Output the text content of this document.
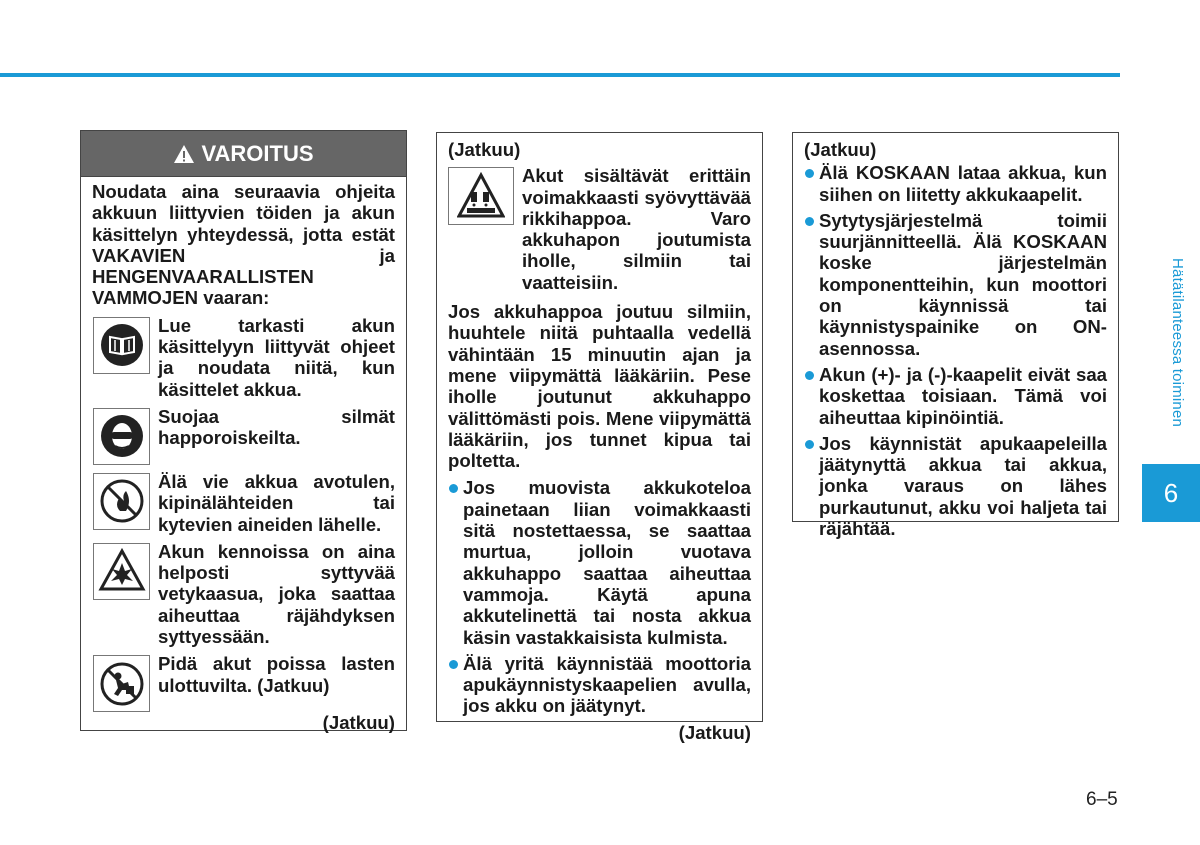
Hätätilanteessa toiminen
6
6–5
VAROITUS
Noudata aina seuraavia ohjeita akkuun liittyvien töiden ja akun käsittelyn yhteydessä, jotta estät VAKAVIEN ja HENGENVAARALLISTEN VAMMOJEN vaaran:
Lue tarkasti akun käsittelyyn liittyvät ohjeet ja noudata niitä, kun käsittelet akkua.
Suojaa silmät happoroiskeilta.
Älä vie akkua avotulen, kipinälähteiden tai kytevien aineiden lähelle.
Akun kennoissa on aina helposti syttyvää vetykaasua, joka saattaa aiheuttaa räjähdyksen syttyessään.
Pidä akut poissa lasten ulottuvilta. (Jatkuu)
(Jatkuu)
(Jatkuu)
Akut sisältävät erittäin voimakkaasti syövyttävää rikkihappoa. Varo akkuhapon joutumista iholle, silmiin tai vaatteisiin.
Jos akkuhappoa joutuu silmiin, huuhtele niitä puhtaalla vedellä vähintään 15 minuutin ajan ja mene viipymättä lääkäriin. Pese iholle joutunut akkuhappo välittömästi pois. Mene viipymättä lääkäriin, jos tunnet kipua tai poltetta.
Jos muovista akkukoteloa painetaan liian voimakkaasti sitä nostettaessa, se saattaa murtua, jolloin vuotava akkuhappo saattaa aiheuttaa vammoja. Käytä apuna akkutelinettä tai nosta akkua käsin vastakkaisista kulmista.
Älä yritä käynnistää moottoria apukäynnistyskaapelien avulla, jos akku on jäätynyt.
(Jatkuu)
(Jatkuu)
Älä KOSKAAN lataa akkua, kun siihen on liitetty akkukaapelit.
Sytytysjärjestelmä toimii suurjännitteellä. Älä KOSKAAN koske järjestelmän komponentteihin, kun moottori on käynnissä tai käynnistyspainike on ON-asennossa.
Akun (+)- ja (-)-kaapelit eivät saa koskettaa toisiaan. Tämä voi aiheuttaa kipinöintiä.
Jos käynnistät apukaapeleilla jäätynyttä akkua tai akkua, jonka varaus on lähes purkautunut, akku voi haljeta tai räjähtää.
